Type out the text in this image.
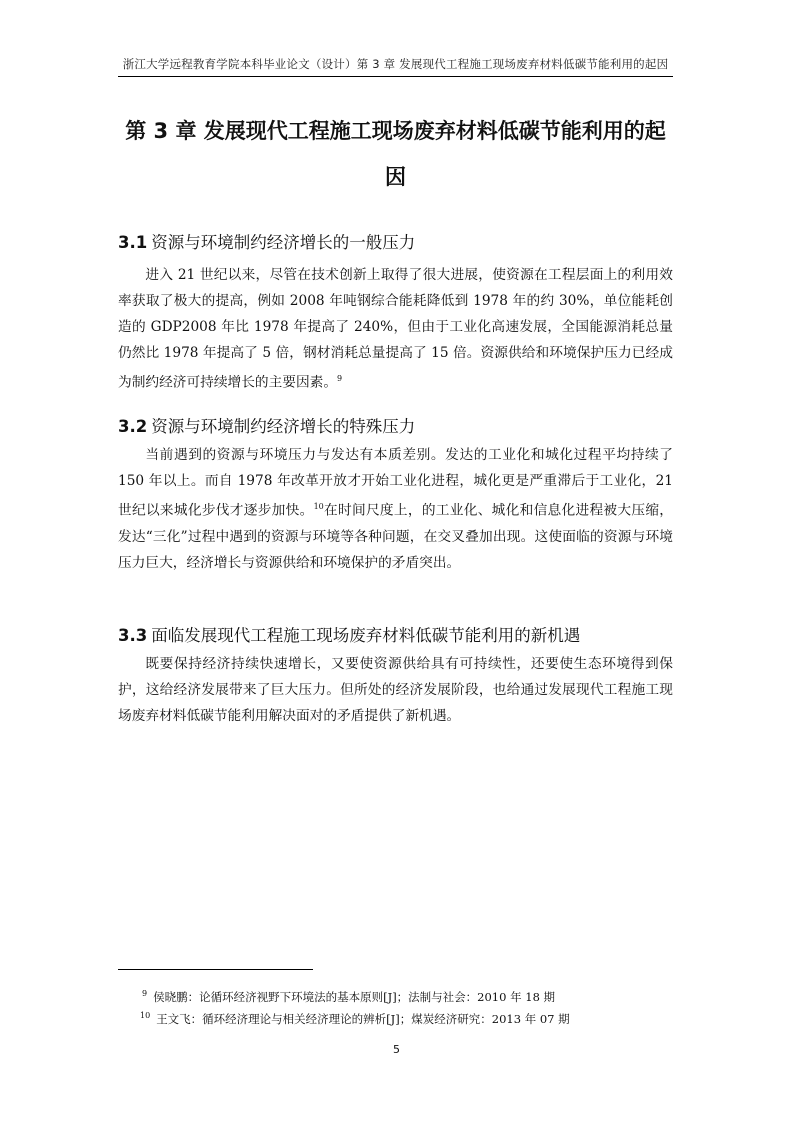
浙江大学远程教育学院本科毕业论文（设计）第 3 章 发展现代工程施工现场废弃材料低碳节能利用的起因
第 3 章 发展现代工程施工现场废弃材料低碳节能利用的起因
3.1 资源与环境制约经济增长的一般压力

进入 21 世纪以来，尽管在技术创新上取得了很大进展，使资源在工程层面上的利用效率获取了极大的提高，例如 2008 年吨钢综合能耗降低到 1978 年的约 30%，单位能耗创造的 GDP2008 年比 1978 年提高了 240%，但由于工业化高速发展，全国能源消耗总量仍然比 1978 年提高了 5 倍，钢材消耗总量提高了 15 倍。资源供给和环境保护压力已经成为制约经济可持续增长的主要因素。$^9$

3.2 资源与环境制约经济增长的特殊压力

当前遇到的资源与环境压力与发达有本质差别。发达的工业化和城化过程平均持续了 150 年以上。而自 1978 年改革开放才开始工业化进程，城化更是严重滞后于工业化，21 世纪以来城化步伐才逐步加快。$^{10}$在时间尺度上，的工业化、城化和信息化进程被大压缩，发达“三化”过程中遇到的资源与环境等各种问题，在交叉叠加出现。这使面临的资源与环境压力巨大，经济增长与资源供给和环境保护的矛盾突出。

3.3 面临发展现代工程施工现场废弃材料低碳节能利用的新机遇

既要保持经济持续快速增长，又要使资源供给具有可持续性，还要使生态环境得到保护，这给经济发展带来了巨大压力。但所处的经济发展阶段，也给通过发展现代工程施工现场废弃材料低碳节能利用解决面对的矛盾提供了新机遇。

$^9$ 侯晓鹏：论循环经济视野下环境法的基本原则[J]；法制与社会：2010 年 18 期

$^{10}$ 王文飞：循环经济理论与相关经济理论的辨析[J]；煤炭经济研究：2013 年 07 期

5
